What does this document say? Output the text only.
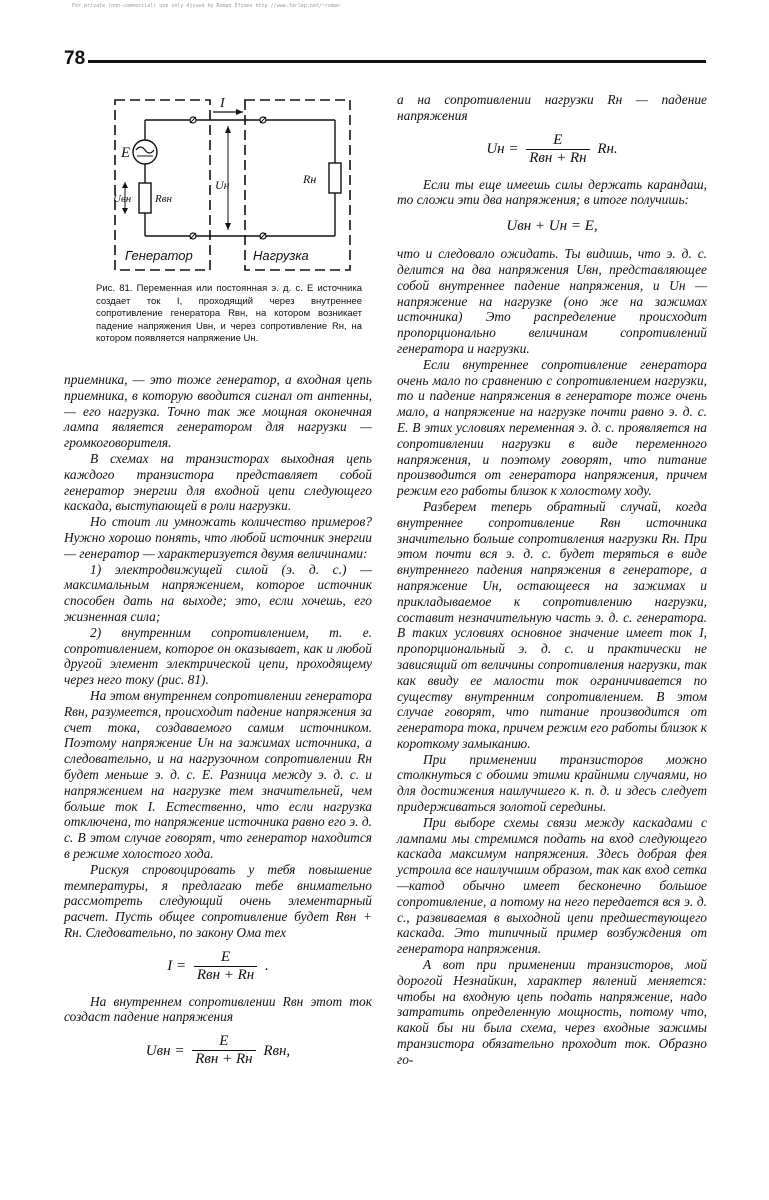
For private (non-commercial) use only djvued by Roman Efimov http //www.farlep.net/~roman
78
I
E
Uвн Rвн
Uн	Rн
Генератор	Нагрузка
Рис. 81. Переменная или постоянная э. д. с. E источника создает ток I, проходящий через внутреннее сопротивление генератора Rвн, на котором возникает падение напряжения Uвн, и через сопротивление Rн, на котором появляется напряжение Uн.

приемника, — это тоже генератор, а входная цепь приемника, в которую вводится сигнал от антенны, — его нагрузка. Точно так же мощная оконечная лампа является генератором для нагрузки — громкоговорителя.

В схемах на транзисторах выходная цепь каждого транзистора представляет собой генератор энергии для входной цепи следующего каскада, выступающей в роли нагрузки.

Но стоит ли умножать количество примеров? Нужно хорошо понять, что любой источник энергии — генератор — характеризуется двумя величинами:

1) электродвижущей силой (э. д. с.) — максимальным напряжением, которое источник способен дать на выходе; это, если хочешь, его жизненная сила;

2) внутренним сопротивлением, т. е. сопротивлением, которое он оказывает, как и любой другой элемент электрической цепи, проходящему через него току (рис. 81).

На этом внутреннем сопротивлении генератора Rвн, разумеется, происходит падение напряжения за счет тока, создаваемого самим источником. Поэтому напряжение Uн на зажимах источника, а следовательно, и на нагрузочном сопротивлении Rн будет меньше э. д. с. E. Разница между э. д. с. и напряжением на нагрузке тем значительней, чем больше ток I. Естественно, что если нагрузка отключена, то напряжение источника равно его э. д. с. В этом случае говорят, что генератор находится в режиме холостого хода.

Рискуя спровоцировать у тебя повышение температуры, я предлагаю тебе внимательно рассмотреть следующий очень элементарный расчет. Пусть общее сопротивление будет Rвн + Rн. Следовательно, по закону Ома тех

$I = \frac{E}{\text{Rвн + Rн}}$ .

На внутреннем сопротивлении Rвн этот ток создаст падение напряжения

Uвн = $\frac{E}{\text{Rвн + Rн}}$ Rвн,

а на сопротивлении нагрузки Rн — падение напряжения

Uн = $\frac{E}{\text{Rвн + Rн}}$ Rн.

Если ты еще имеешь силы держать карандаш, то сложи эти два напряжения; в итоге получишь:

Uвн + Uн = E,

что и следовало ожидать. Ты видишь, что э. д. с. делится на два напряжения Uвн, представляющее собой внутреннее падение напряжения, и Uн — напряжение на нагрузке (оно же на зажимах источника) Это распределение происходит пропорционально величинам сопротивлений генератора и нагрузки.

Если внутреннее сопротивление генератора очень мало по сравнению с сопротивлением нагрузки, то и падение напряжения в генераторе тоже очень мало, а напряжение на нагрузке почти равно э. д. с. E. В этих условиях переменная э. д. с. проявляется на сопротивлении нагрузки в виде переменного напряжения, и поэтому говорят, что питание производится от генератора напряжения, причем режим его работы близок к холостому ходу.

Разберем теперь обратный случай, когда внутреннее сопротивление Rвн источника значительно больше сопротивления нагрузки Rн. При этом почти вся э. д. с. будет теряться в виде внутреннего падения напряжения в генераторе, а напряжение Uн, остающееся на зажимах и прикладываемое к сопротивлению нагрузки, составит незначительную часть э. д. с. генератора. В таких условиях основное значение имеет ток I, пропорциональный э. д. с. и практически не зависящий от величины сопротивления нагрузки, так как ввиду ее малости ток ограничивается по существу внутренним сопротивлением. В этом случае говорят, что питание производится от генератора тока, причем режим его работы близок к короткому замыканию.

При применении транзисторов можно столкнуться с обоими этими крайними случаями, но для достижения наилучшего к. п. д. и здесь следует придерживаться золотой середины.

При выборе схемы связи между каскадами с лампами мы стремимся подать на вход следующего каскада максимум напряжения. Здесь добрая фея устроила все наилучшим образом, так как вход сетка—катод обычно имеет бесконечно большое сопротивление, а потому на него передается вся э. д. с., развиваемая в выходной цепи предшествующего каскада. Это типичный пример возбуждения от генератора напряжения.

А вот при применении транзисторов, мой дорогой Незнайкин, характер явлений меняется: чтобы на входную цепь подать напряжение, надо затратить определенную мощность, потому что, какой бы ни была схема, через входные зажимы транзистора обязательно проходит ток. Образно го-
